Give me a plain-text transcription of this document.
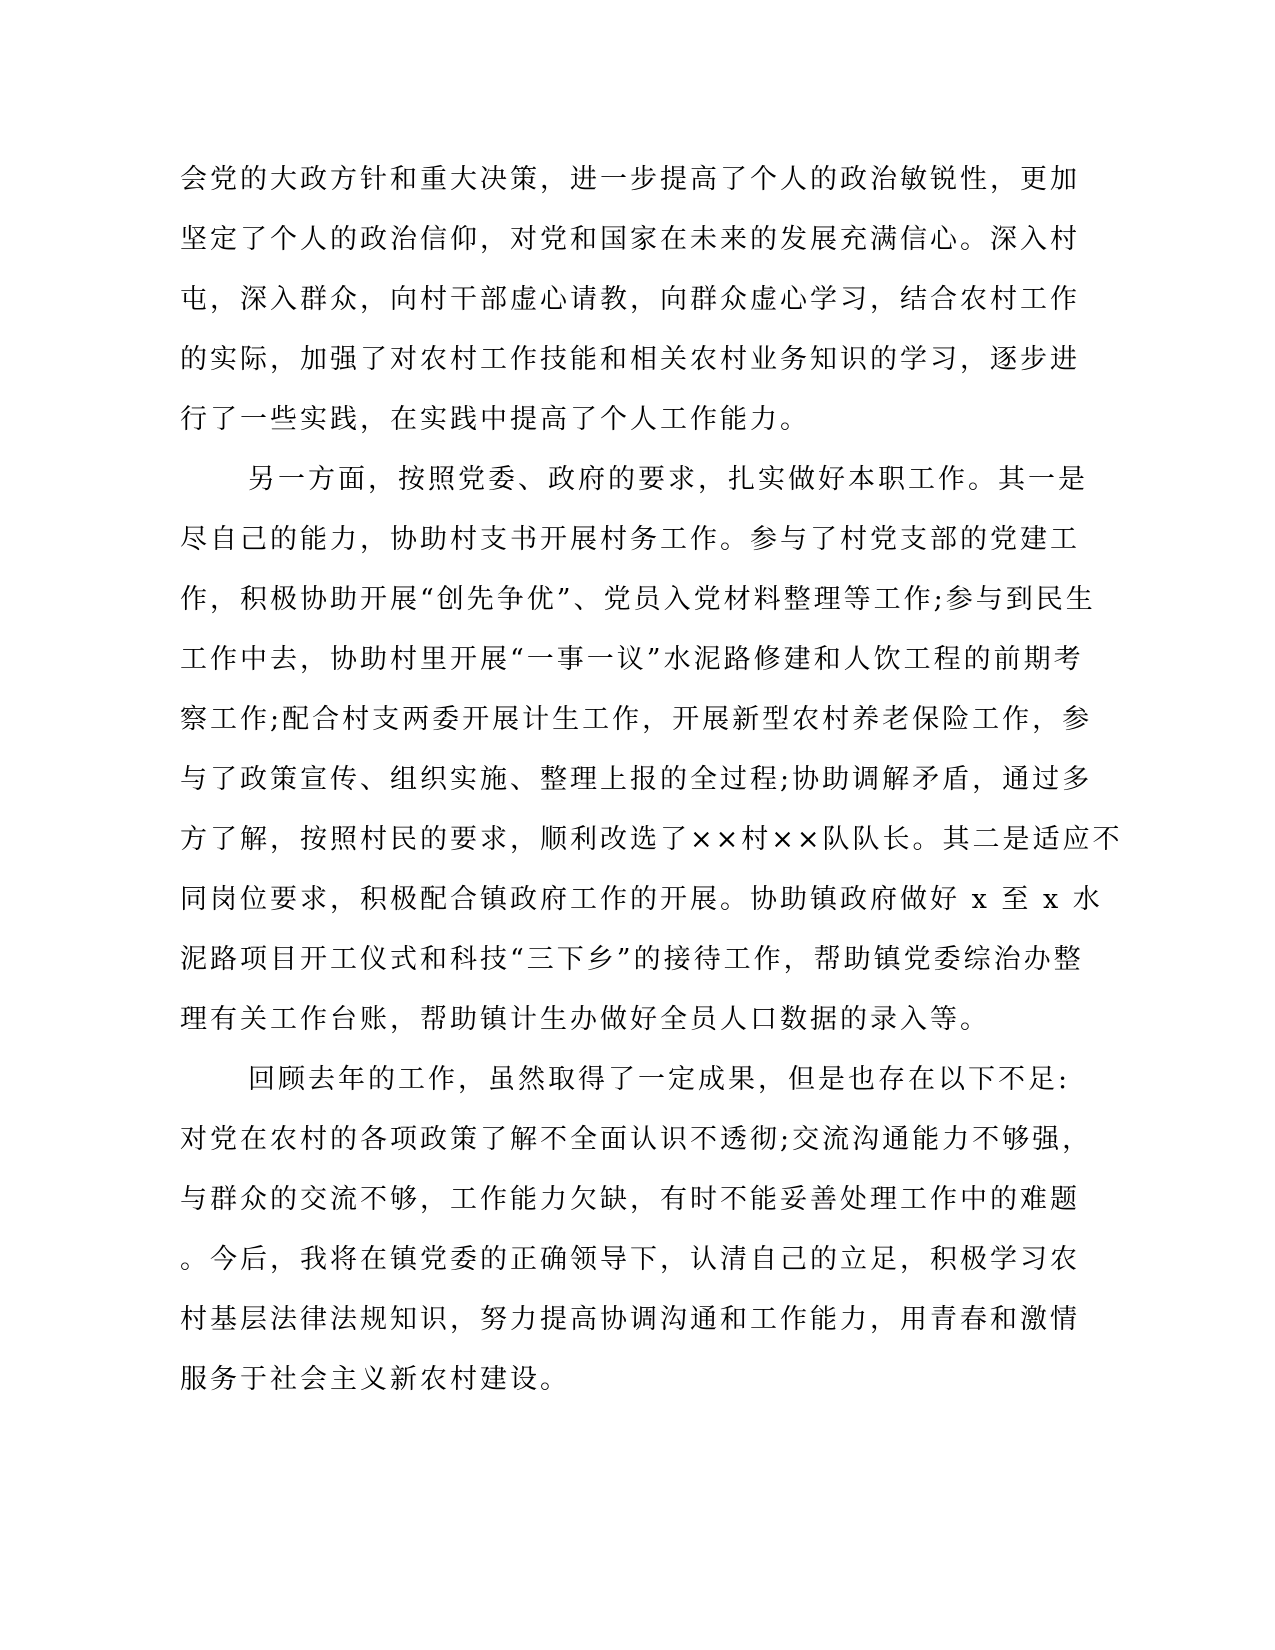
会党的大政方针和重大决策，进一步提高了个人的政治敏锐性，更加
坚定了个人的政治信仰，对党和国家在未来的发展充满信心。深入村
屯，深入群众，向村干部虚心请教，向群众虚心学习，结合农村工作
的实际，加强了对农村工作技能和相关农村业务知识的学习，逐步进
行了一些实践，在实践中提高了个人工作能力。
另一方面，按照党委、政府的要求，扎实做好本职工作。其一是
尽自己的能力，协助村支书开展村务工作。参与了村党支部的党建工
作，积极协助开展“创先争优”、党员入党材料整理等工作;参与到民生
工作中去，协助村里开展“一事一议”水泥路修建和人饮工程的前期考
察工作;配合村支两委开展计生工作，开展新型农村养老保险工作，参
与了政策宣传、组织实施、整理上报的全过程;协助调解矛盾，通过多
方了解，按照村民的要求，顺利改选了××村××队队长。其二是适应不
同岗位要求，积极配合镇政府工作的开展。协助镇政府做好 x 至 x 水
泥路项目开工仪式和科技“三下乡”的接待工作，帮助镇党委综治办整
理有关工作台账，帮助镇计生办做好全员人口数据的录入等。
回顾去年的工作，虽然取得了一定成果，但是也存在以下不足:
对党在农村的各项政策了解不全面认识不透彻;交流沟通能力不够强，
与群众的交流不够，工作能力欠缺，有时不能妥善处理工作中的难题
。今后，我将在镇党委的正确领导下，认清自己的立足，积极学习农
村基层法律法规知识，努力提高协调沟通和工作能力，用青春和激情
服务于社会主义新农村建设。
